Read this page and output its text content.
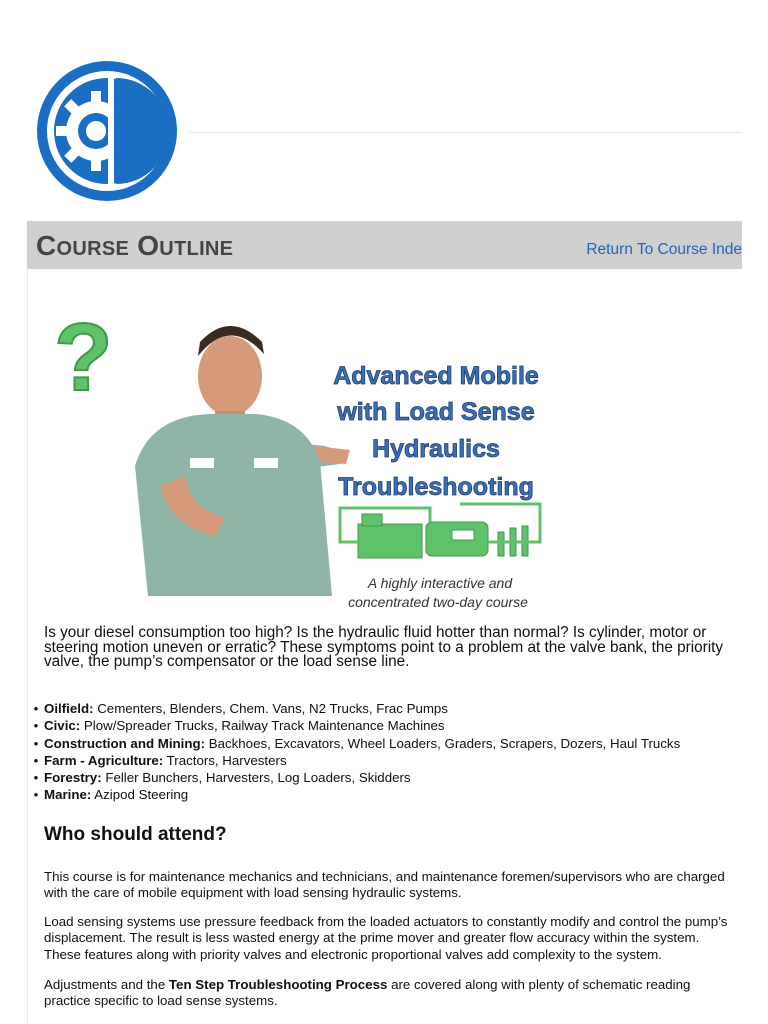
Course Outline	Return To Course Inde
?	Advanced Mobile
with Load Sense
Hydraulics
Troubleshooting
A highly interactive and
concentrated two-day course
Is your diesel consumption too high? Is the hydraulic fluid hotter than normal? Is cylinder, motor or steering motion uneven or erratic? These symptoms point to a problem at the valve bank, the priority valve, the pump’s compensator or the load sense line.
• Oilfield: Cementers, Blenders, Chem. Vans, N2 Trucks, Frac Pumps
• Civic: Plow/Spreader Trucks, Railway Track Maintenance Machines
• Construction and Mining: Backhoes, Excavators, Wheel Loaders, Graders, Scrapers, Dozers, Haul Trucks
• Farm - Agriculture: Tractors, Harvesters
• Forestry: Feller Bunchers, Harvesters, Log Loaders, Skidders
• Marine: Azipod Steering
Who should attend?

This course is for maintenance mechanics and technicians, and maintenance foremen/supervisors who are charged with the care of mobile equipment with load sensing hydraulic systems.

Load sensing systems use pressure feedback from the loaded actuators to constantly modify and control the pump’s displacement. The result is less wasted energy at the prime mover and greater flow accuracy within the system. These features along with priority valves and electronic proportional valves add complexity to the system.

Adjustments and the Ten Step Troubleshooting Process are covered along with plenty of schematic reading practice specific to load sense systems.
